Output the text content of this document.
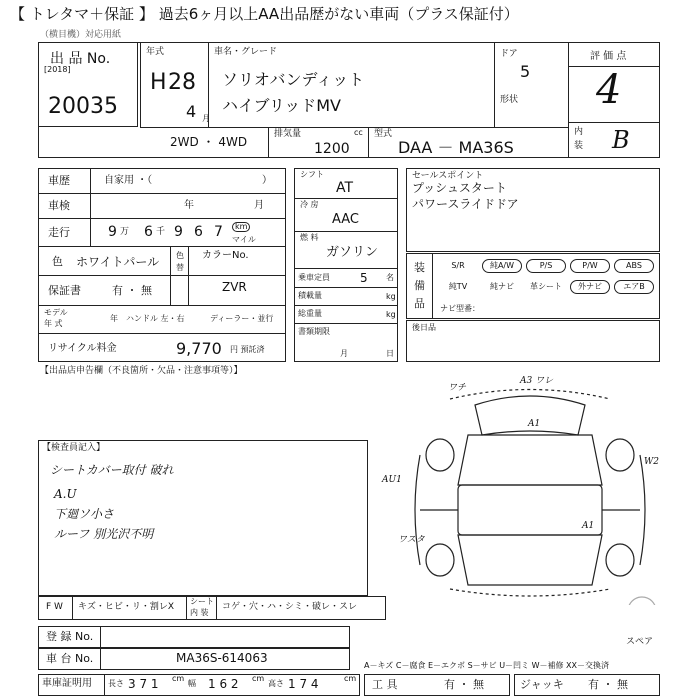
【 トレタマ＋保証 】 過去6ヶ月以上AA出品歴がない車両（プラス保証付）
（横目機）対応用紙
出 品 No.
[2018]
20035
年式
H 28
4 月
車名・グレード
ソリオバンディット
ハイブリッドMV
ドア
5
形状
評 価 点
4
内
装 B
2WD ・ 4WD
排気量	cc
1200
型式
DAA － MA36S
車歴	自家用 ・（	）
車検	年	月
走行	9 万 6 千 9 6 7	km
マイル
色 ホワイトパール 色
替
カラーNo.
ZVR
保証書	有 ・ 無
モデル
年 式
年 ハンドル 左・右	ディーラー・並行
リサイクル料金	9,770 円 預託済
シフト
AT
冷 房
AAC
燃 料
ガソリン
乗車定員	5 名
積載量	kg
総重量	kg
書類期限
月	日
セールスポイント
プッシュスタート
パワースライドドア
装
備
品 ナビ型番：
後日品
【出品店申告欄（不良箇所・欠品・注意事項等）】
【検査員記入】
シートカバー取付 破れ
A.U
下廻ソ小さ
ルーフ 別光沢不明
ワチ
A3 ワレ
A1
AU1
W2
ワスタ
A1
スペア
F W キズ・ヒビ・リ・割レX
シート
内 装
コゲ・穴・ハ・シミ・破レ・スレ
登 録 No.
車 台 No.	MA36S-614063
A－キズ C－腐食 E－エクボ S－サビ U－凹ミ W－補修 XX－交換済
車庫証明用 長さ 3 7 1 cm
幅 1 6 2 cm
高さ 1 7 4	cm 工 具	有 ・ 無	ジャッキ 有 ・ 無
S/R	純A/W	P/S	P/W	ABS
純TV	純ナビ	革シート	外ナビ	エアB
